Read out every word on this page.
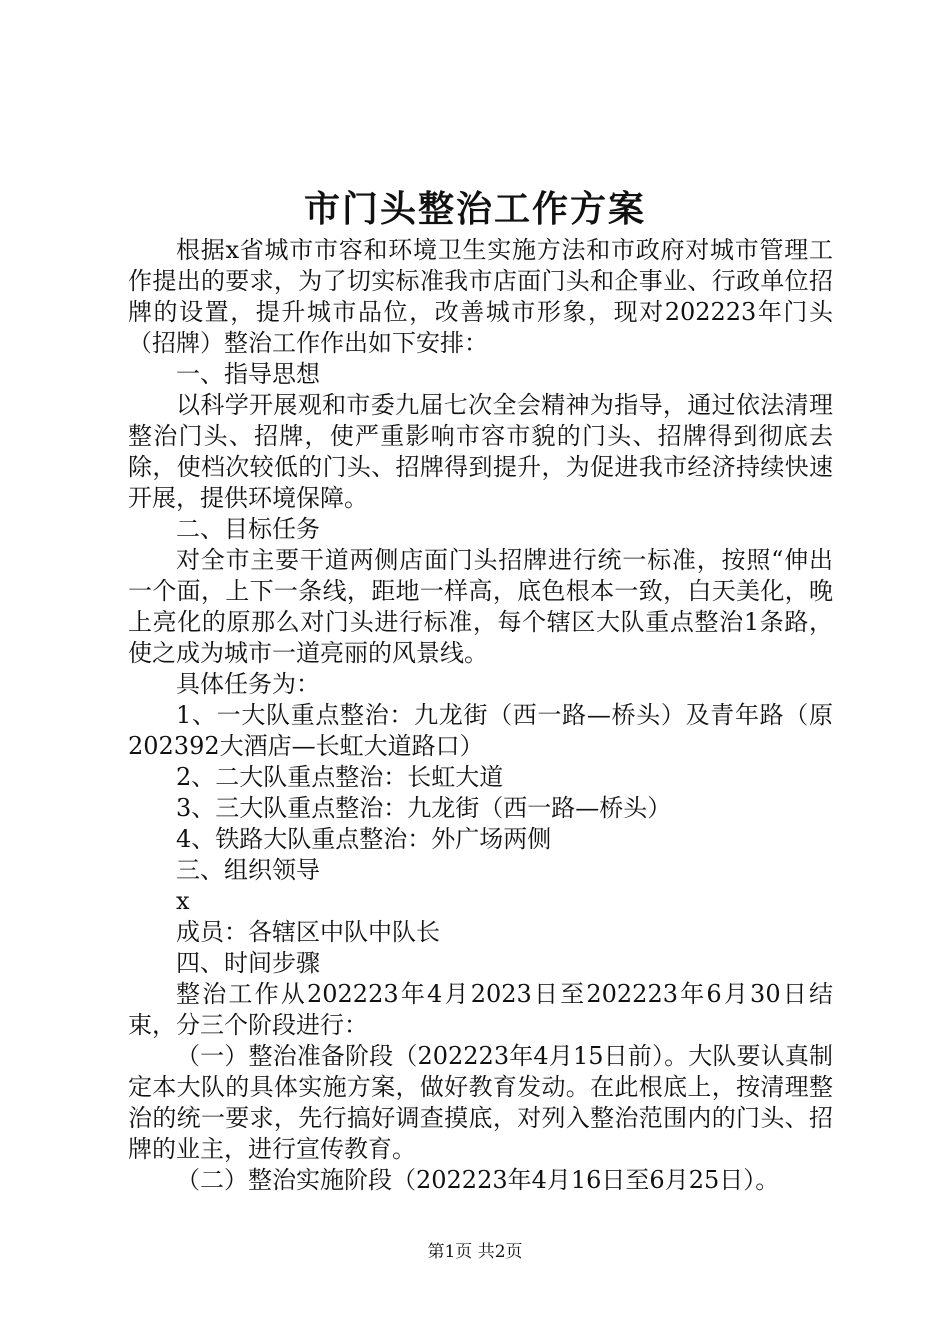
市门头整治工作方案

根据x省城市市容和环境卫生实施方法和市政府对城市管理工作提出的要求，为了切实标准我市店面门头和企事业、行政单位招牌的设置，提升城市品位，改善城市形象，现对202223年门头（招牌）整治工作作出如下安排：

一、指导思想

以科学开展观和市委九届七次全会精神为指导，通过依法清理整治门头、招牌，使严重影响市容市貌的门头、招牌得到彻底去除，使档次较低的门头、招牌得到提升，为促进我市经济持续快速开展，提供环境保障。

二、目标任务

对全市主要干道两侧店面门头招牌进行统一标准，按照“伸出一个面，上下一条线，距地一样高，底色根本一致，白天美化，晚上亮化的原那么对门头进行标准，每个辖区大队重点整治1条路，使之成为城市一道亮丽的风景线。

具体任务为：

1、一大队重点整治：九龙街（西一路—桥头）及青年路（原202392大酒店—长虹大道路口）

2、二大队重点整治：长虹大道

3、三大队重点整治：九龙街（西一路—桥头）

4、铁路大队重点整治：外广场两侧

三、组织领导

x

成员：各辖区中队中队长

四、时间步骤

整治工作从202223年4月2023日至202223年6月30日结束，分三个阶段进行：

（一）整治准备阶段（202223年4月15日前）。大队要认真制定本大队的具体实施方案，做好教育发动。在此根底上，按清理整治的统一要求，先行搞好调查摸底，对列入整治范围内的门头、招牌的业主，进行宣传教育。

（二）整治实施阶段（202223年4月16日至6月25日）。

第1页 共2页
